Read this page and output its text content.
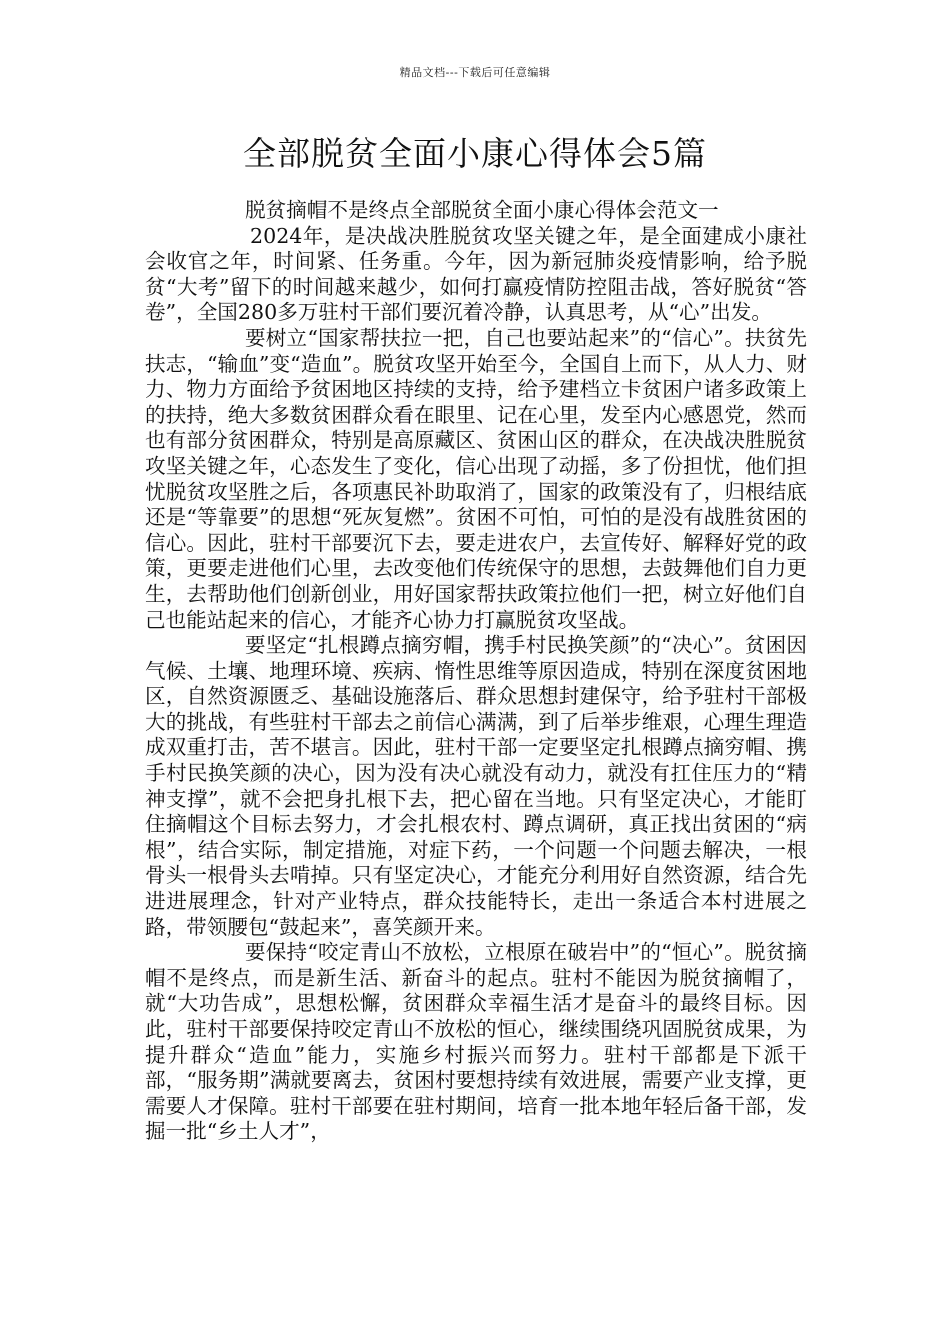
精品文档---下载后可任意编辑
全部脱贫全面小康心得体会5篇

脱贫摘帽不是终点全部脱贫全面小康心得体会范文一

2024年，是决战决胜脱贫攻坚关键之年，是全面建成小康社会收官之年，时间紧、任务重。今年，因为新冠肺炎疫情影响，给予脱贫“大考”留下的时间越来越少，如何打赢疫情防控阻击战，答好脱贫“答卷”，全国280多万驻村干部们要沉着冷静，认真思考，从“心”出发。

要树立“国家帮扶拉一把，自己也要站起来”的“信心”。扶贫先扶志，“输血”变“造血”。脱贫攻坚开始至今，全国自上而下，从人力、财力、物力方面给予贫困地区持续的支持，给予建档立卡贫困户诸多政策上的扶持，绝大多数贫困群众看在眼里、记在心里，发至内心感恩党，然而也有部分贫困群众，特别是高原藏区、贫困山区的群众，在决战决胜脱贫攻坚关键之年，心态发生了变化，信心出现了动摇，多了份担忧，他们担忧脱贫攻坚胜之后，各项惠民补助取消了，国家的政策没有了，归根结底还是“等靠要”的思想“死灰复燃”。贫困不可怕，可怕的是没有战胜贫困的信心。因此，驻村干部要沉下去，要走进农户，去宣传好、解释好党的政策，更要走进他们心里，去改变他们传统保守的思想，去鼓舞他们自力更生，去帮助他们创新创业，用好国家帮扶政策拉他们一把，树立好他们自己也能站起来的信心，才能齐心协力打赢脱贫攻坚战。

要坚定“扎根蹲点摘穷帽，携手村民换笑颜”的“决心”。贫困因气候、土壤、地理环境、疾病、惰性思维等原因造成，特别在深度贫困地区，自然资源匮乏、基础设施落后、群众思想封建保守，给予驻村干部极大的挑战，有些驻村干部去之前信心满满，到了后举步维艰，心理生理造成双重打击，苦不堪言。因此，驻村干部一定要坚定扎根蹲点摘穷帽、携手村民换笑颜的决心，因为没有决心就没有动力，就没有扛住压力的“精神支撑”，就不会把身扎根下去，把心留在当地。只有坚定决心，才能盯住摘帽这个目标去努力，才会扎根农村、蹲点调研，真正找出贫困的“病根”，结合实际，制定措施，对症下药，一个问题一个问题去解决，一根骨头一根骨头去啃掉。只有坚定决心，才能充分利用好自然资源，结合先进进展理念，针对产业特点，群众技能特长，走出一条适合本村进展之路，带领腰包“鼓起来”，喜笑颜开来。

要保持“咬定青山不放松，立根原在破岩中”的“恒心”。脱贫摘帽不是终点，而是新生活、新奋斗的起点。驻村不能因为脱贫摘帽了，就“大功告成”，思想松懈，贫困群众幸福生活才是奋斗的最终目标。因此，驻村干部要保持咬定青山不放松的恒心，继续围绕巩固脱贫成果，为提升群众“造血”能力，实施乡村振兴而努力。驻村干部都是下派干部，“服务期”满就要离去，贫困村要想持续有效进展，需要产业支撑，更需要人才保障。驻村干部要在驻村期间，培育一批本地年轻后备干部，发掘一批“乡土人才”，
